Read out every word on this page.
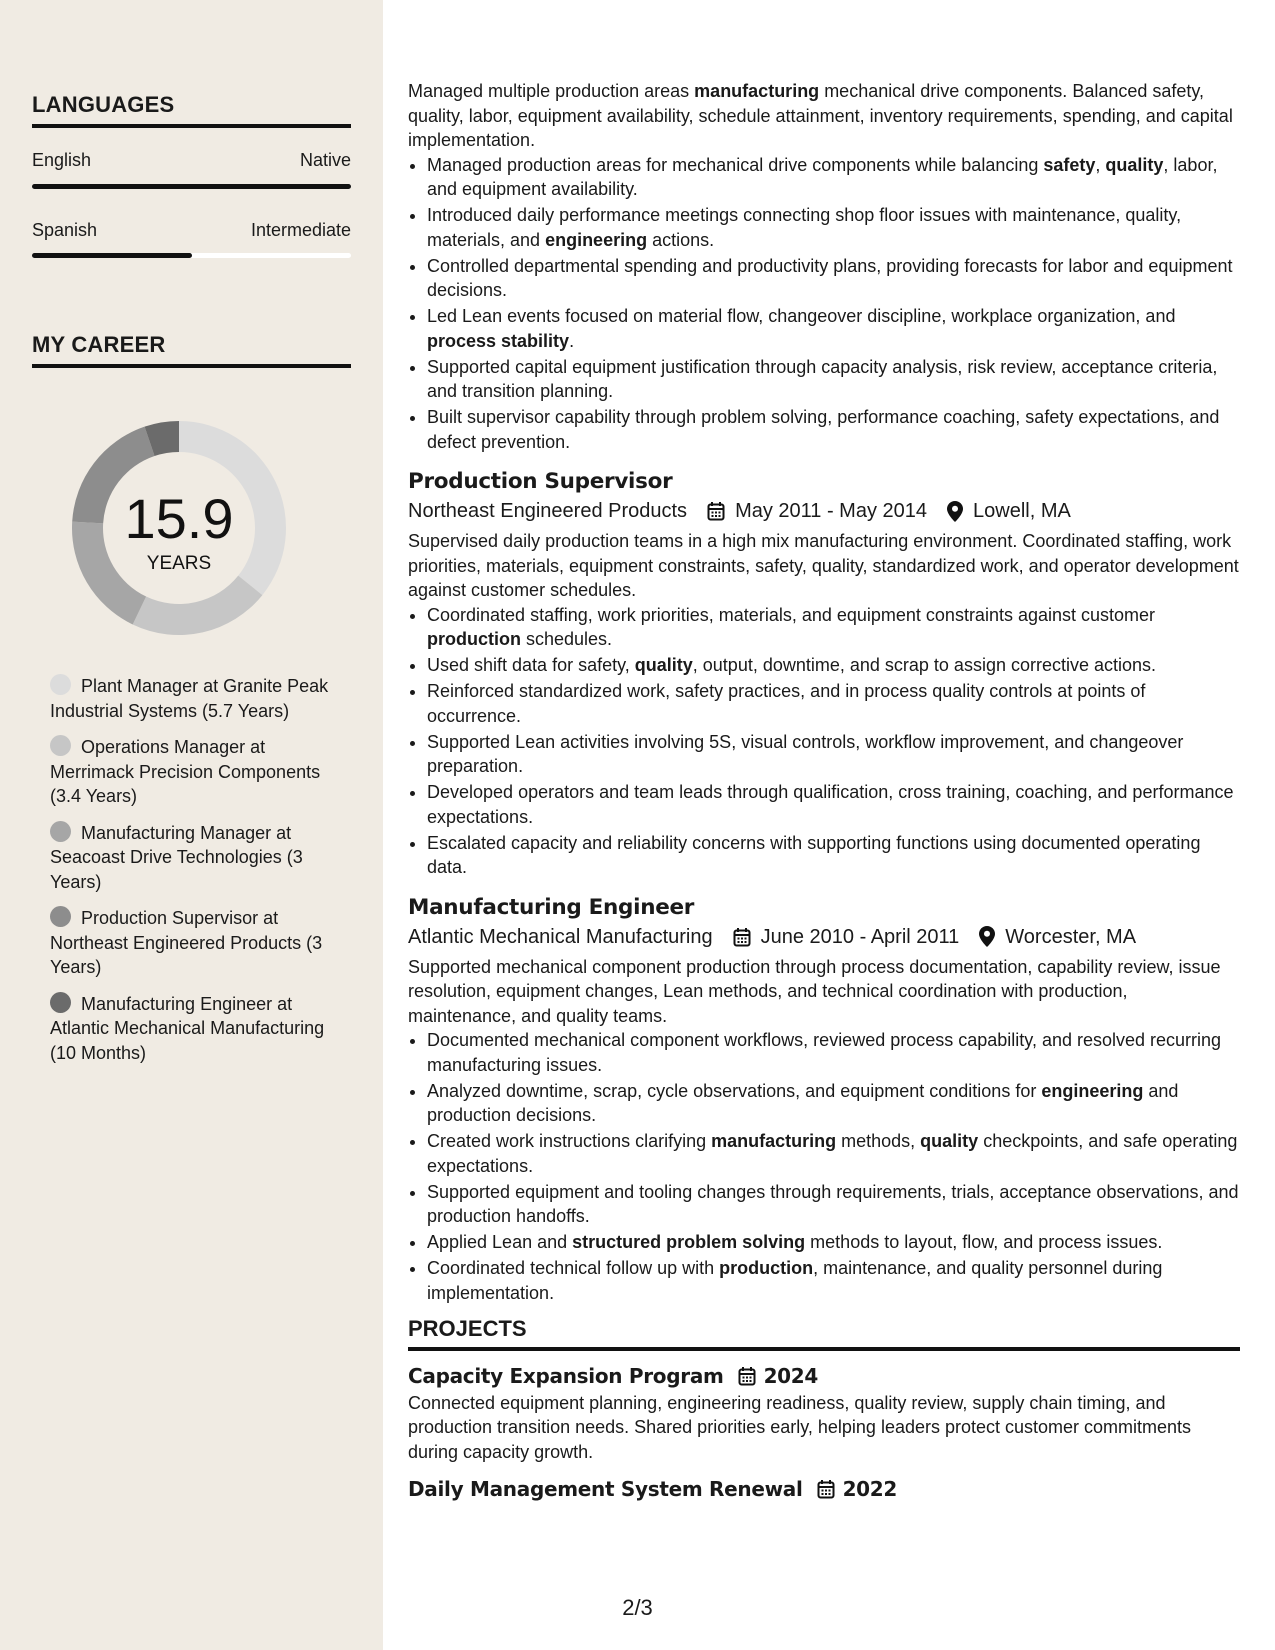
LANGUAGES
English	Native
Spanish	Intermediate
MY CAREER
15.9
YEARS
Plant Manager at Granite Peak Industrial Systems (5.7 Years)
Operations Manager at Merrimack Precision Components (3.4 Years)
Manufacturing Manager at Seacoast Drive Technologies (3 Years)
Production Supervisor at Northeast Engineered Products (3 Years)
Manufacturing Engineer at Atlantic Mechanical Manufacturing (10 Months)

Managed multiple production areas manufacturing mechanical drive components. Balanced safety, quality, labor, equipment availability, schedule attainment, inventory requirements, spending, and capital implementation.

• Managed production areas for mechanical drive components while balancing safety, quality, labor, and equipment availability.
• Introduced daily performance meetings connecting shop floor issues with maintenance, quality, materials, and engineering actions.
• Controlled departmental spending and productivity plans, providing forecasts for labor and equipment decisions.
• Led Lean events focused on material flow, changeover discipline, workplace organization, and process stability.
• Supported capital equipment justification through capacity analysis, risk review, acceptance criteria, and transition planning.
• Built supervisor capability through problem solving, performance coaching, safety expectations, and defect prevention.
Production Supervisor
Northeast Engineered Products May 2011 - May 2014 Lowell, MA

Supervised daily production teams in a high mix manufacturing environment. Coordinated staffing, work priorities, materials, equipment constraints, safety, quality, standardized work, and operator development against customer schedules.

• Coordinated staffing, work priorities, materials, and equipment constraints against customer production schedules.
• Used shift data for safety, quality, output, downtime, and scrap to assign corrective actions.
• Reinforced standardized work, safety practices, and in process quality controls at points of occurrence.
• Supported Lean activities involving 5S, visual controls, workflow improvement, and changeover preparation.
• Developed operators and team leads through qualification, cross training, coaching, and performance expectations.
• Escalated capacity and reliability concerns with supporting functions using documented operating data.
Manufacturing Engineer
Atlantic Mechanical Manufacturing June 2010 - April 2011 Worcester, MA

Supported mechanical component production through process documentation, capability review, issue resolution, equipment changes, Lean methods, and technical coordination with production, maintenance, and quality teams.

• Documented mechanical component workflows, reviewed process capability, and resolved recurring manufacturing issues.
• Analyzed downtime, scrap, cycle observations, and equipment conditions for engineering and production decisions.
• Created work instructions clarifying manufacturing methods, quality checkpoints, and safe operating expectations.
• Supported equipment and tooling changes through requirements, trials, acceptance observations, and production handoffs.
• Applied Lean and structured problem solving methods to layout, flow, and process issues.
• Coordinated technical follow up with production, maintenance, and quality personnel during implementation.
PROJECTS
Capacity Expansion Program 2024

Connected equipment planning, engineering readiness, quality review, supply chain timing, and production transition needs. Shared priorities early, helping leaders protect customer commitments during capacity growth.

Daily Management System Renewal 2022
2/3
